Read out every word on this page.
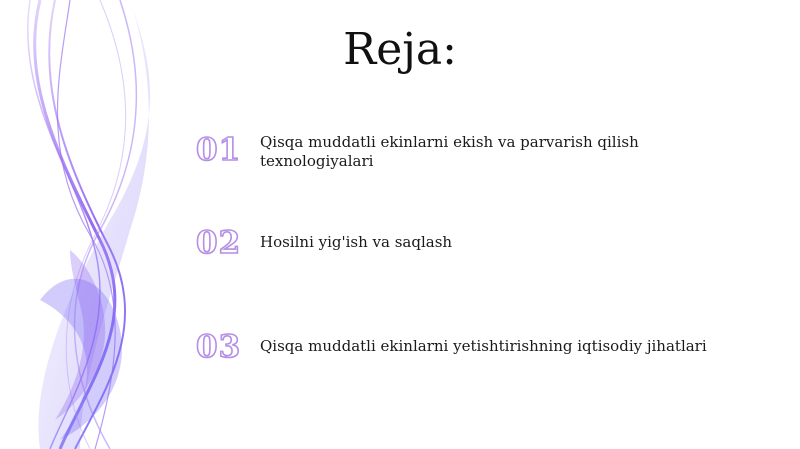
Reja:
01	Qisqa muddatli ekinlarni ekish va parvarish qilish texnologiyalari
02	Hosilni yig'ish va saqlash
03	Qisqa muddatli ekinlarni yetishtirishning iqtisodiy jihatlari
